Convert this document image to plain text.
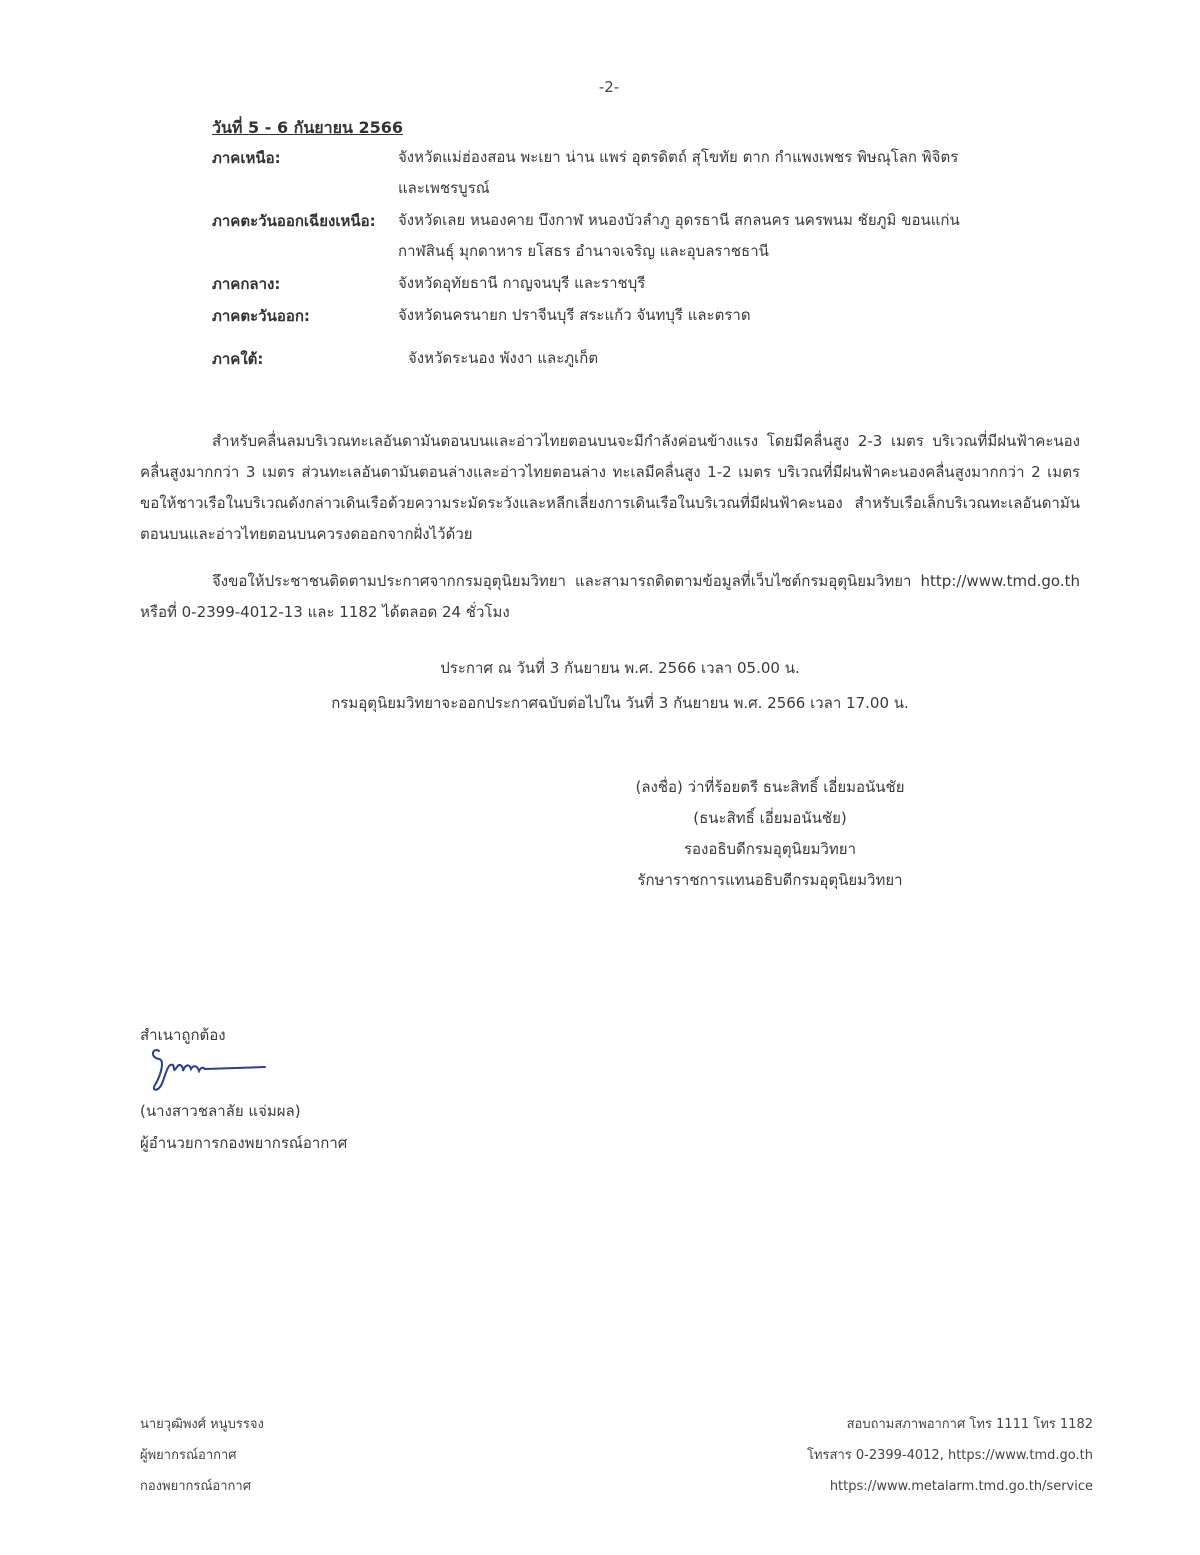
-2-
วันที่ 5 - 6 กันยายน 2566
ภาคเหนือ:	จังหวัดแม่ฮ่องสอน พะเยา น่าน แพร่ อุตรดิตถ์ สุโขทัย ตาก กำแพงเพชร พิษณุโลก พิจิตร
และเพชรบูรณ์
ภาคตะวันออกเฉียงเหนือ: จังหวัดเลย หนองคาย บึงกาฬ หนองบัวลำภู อุดรธานี สกลนคร นครพนม ชัยภูมิ ขอนแก่น
กาฬสินธุ์ มุกดาหาร ยโสธร อำนาจเจริญ และอุบลราชธานี
ภาคกลาง:	จังหวัดอุทัยธานี กาญจนบุรี และราชบุรี
ภาคตะวันออก:	จังหวัดนครนายก ปราจีนบุรี สระแก้ว จันทบุรี และตราด
ภาคใต้:	จังหวัดระนอง พังงา และภูเก็ต
สำหรับคลื่นลมบริเวณทะเลอันดามันตอนบนและอ่าวไทยตอนบนจะมีกำลังค่อนข้างแรง โดยมีคลื่นสูง 2-3 เมตร บริเวณที่มีฝนฟ้าคะนองคลื่นสูงมากกว่า 3 เมตร ส่วนทะเลอันดามันตอนล่างและอ่าวไทยตอนล่าง ทะเลมีคลื่นสูง 1-2 เมตร บริเวณที่มีฝนฟ้าคะนองคลื่นสูงมากกว่า 2 เมตร ขอให้ชาวเรือในบริเวณดังกล่าวเดินเรือด้วยความระมัดระวังและหลีกเลี่ยงการเดินเรือในบริเวณที่มีฝนฟ้าคะนอง สำหรับเรือเล็กบริเวณทะเลอันดามันตอนบนและอ่าวไทยตอนบนควรงดออกจากฝั่งไว้ด้วย
จึงขอให้ประชาชนติดตามประกาศจากกรมอุตุนิยมวิทยา และสามารถติดตามข้อมูลที่เว็บไซต์กรมอุตุนิยมวิทยา http://www.tmd.go.th หรือที่ 0-2399-4012-13 และ 1182 ได้ตลอด 24 ชั่วโมง
ประกาศ ณ วันที่ 3 กันยายน พ.ศ. 2566 เวลา 05.00 น.
กรมอุตุนิยมวิทยาจะออกประกาศฉบับต่อไปใน วันที่ 3 กันยายน พ.ศ. 2566 เวลา 17.00 น.
(ลงชื่อ) ว่าที่ร้อยตรี ธนะสิทธิ์ เอี่ยมอนันชัย
(ธนะสิทธิ์ เอี่ยมอนันชัย)
รองอธิบดีกรมอุตุนิยมวิทยา
รักษาราชการแทนอธิบดีกรมอุตุนิยมวิทยา
สำเนาถูกต้อง
(นางสาวชลาลัย แจ่มผล)
ผู้อำนวยการกองพยากรณ์อากาศ
นายวุฒิพงศ์ หนูบรรจง
ผู้พยากรณ์อากาศ
กองพยากรณ์อากาศ
สอบถามสภาพอากาศ โทร 1111 โทร 1182
โทรสาร 0-2399-4012, https://www.tmd.go.th
https://www.metalarm.tmd.go.th/service
